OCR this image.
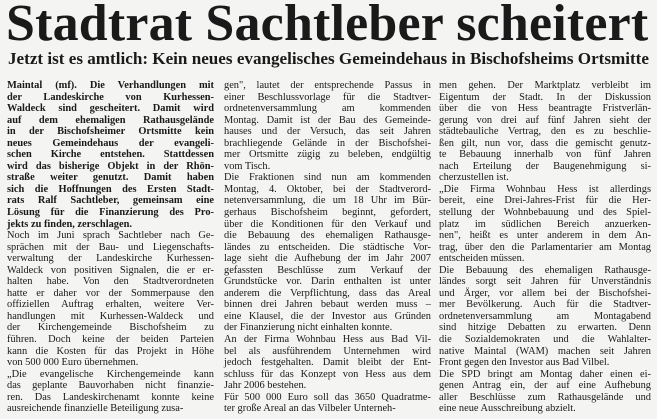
Stadtrat Sachtleber scheitert
Jetzt ist es amtlich: Kein neues evangelisches Gemeindehaus in Bischofsheims Ortsmitte
Maintal (mf). Die Verhandlungen mit
der Landeskirche von Kurhessen-
Waldeck sind gescheitert. Damit wird
auf dem ehemaligen Rathausgelände
in der Bischofsheimer Ortsmitte kein
neues Gemeindehaus der evangeli-
schen Kirche entstehen. Stattdessen
wird das bisherige Objekt in der Rhön-
straße weiter genutzt. Damit haben
sich die Hoffnungen des Ersten Stadt-
rats Ralf Sachtleber, gemeinsam eine
Lösung für die Finanzierung des Pro-
jekts zu finden, zerschlagen.
Noch im Juni sprach Sachtleber nach Ge-
sprächen mit der Bau- und Liegenschafts-
verwaltung der Landeskirche Kurhessen-
Waldeck von positiven Signalen, die er er-
halten habe. Von den Stadtverordneten
hatte er daher vor der Sommerpause den
offiziellen Auftrag erhalten, weitere Ver-
handlungen mit Kurhessen-Waldeck und
der Kirchengemeinde Bischofsheim zu
führen. Doch keine der beiden Parteien
kann die Kosten für das Projekt in Höhe
von 500 000 Euro übernehmen.
„Die evangelische Kirchengemeinde kann
das geplante Bauvorhaben nicht finanzie-
ren. Das Landeskirchenamt konnte keine
ausreichende finanzielle Beteiligung zusa-
gen", lautet der entsprechende Passus in
einer Beschlussvorlage für die Stadtver-
ordnetenversammlung am kommenden
Montag. Damit ist der Bau des Gemeinde-
hauses und der Versuch, das seit Jahren
brachliegende Gelände in der Bischofshei-
mer Ortsmitte zügig zu beleben, endgültig
vom Tisch.
Die Fraktionen sind nun am kommenden
Montag, 4. Oktober, bei der Stadtverord-
netenversammlung, die um 18 Uhr im Bür-
gerhaus Bischofsheim beginnt, gefordert,
über die Konditionen für den Verkauf und
die Bebauung des ehemaligen Rathausge-
ländes zu entscheiden. Die städtische Vor-
lage sieht die Aufhebung der im Jahr 2007
gefassten Beschlüsse zum Verkauf der
Grundstücke vor. Darin enthalten ist unter
anderem die Verpflichtung, dass das Areal
binnen drei Jahren bebaut werden muss –
eine Klausel, die der Investor aus Gründen
der Finanzierung nicht einhalten konnte.
An der Firma Wohnbau Hess aus Bad Vil-
bel als ausführendem Unternehmen wird
jedoch festgehalten. Damit bleibt der Ent-
schluss für das Konzept von Hess aus dem
Jahr 2006 bestehen.
Für 500 000 Euro soll das 3650 Quadratme-
ter große Areal an das Vilbeler Unterneh-
men gehen. Der Marktplatz verbleibt im
Eigentum der Stadt. In der Diskussion
über die von Hess beantragte Fristverlän-
gerung von drei auf fünf Jahren sieht der
städtebauliche Vertrag, den es zu beschlie-
ßen gilt, nun vor, dass die gemischt genutz-
te Bebauung innerhalb von fünf Jahren
nach Erteilung der Baugenehmigung si-
cherzustellen ist.
„Die Firma Wohnbau Hess ist allerdings
bereit, eine Drei-Jahres-Frist für die Her-
stellung der Wohnbebauung und des Spiel-
platz im südlichen Bereich anzuerken-
nen", heißt es unter anderem in dem An-
trag, über den die Parlamentarier am Montag
entscheiden müssen.
Die Bebauung des ehemaligen Rathausge-
ländes sorgt seit Jahren für Unverständnis
und Ärger, vor allem bei der Bischofshei-
mer Bevölkerung. Auch für die Stadtver-
ordnetenversammlung am Montagabend
sind hitzige Debatten zu erwarten. Denn
die Sozialdemokraten und die Wahlalter-
native Maintal (WAM) machen seit Jahren
Front gegen den Investor aus Bad Vilbel.
Die SPD bringt am Montag daher einen ei-
genen Antrag ein, der auf eine Aufhebung
aller Beschlüsse zum Rathausgelände und
eine neue Ausschreibung abzielt.
